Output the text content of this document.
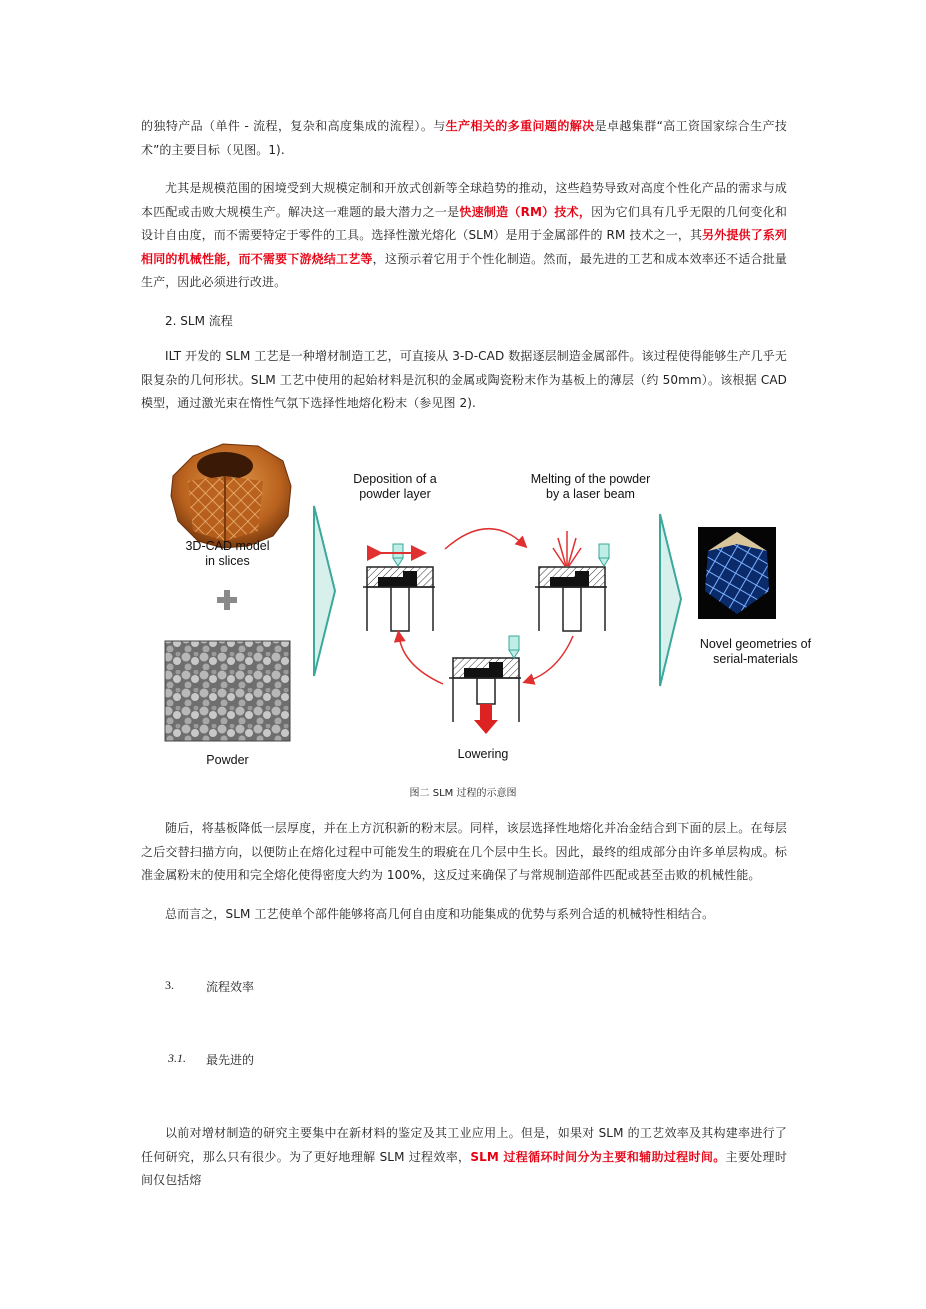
的独特产品（单件 - 流程，复杂和高度集成的流程）。与生产相关的多重问题的解决是卓越集群“高工资国家综合生产技术”的主要目标（见图。1).
尤其是规模范围的困境受到大规模定制和开放式创新等全球趋势的推动，这些趋势导致对高度个性化产品的需求与成本匹配或击败大规模生产。解决这一难题的最大潜力之一是快速制造（RM）技术，因为它们具有几乎无限的几何变化和设计自由度，而不需要特定于零件的工具。选择性激光熔化（SLM）是用于金属部件的 RM 技术之一，其另外提供了系列相同的机械性能，而不需要下游烧结工艺等，这预示着它用于个性化制造。然而，最先进的工艺和成本效率还不适合批量生产，因此必须进行改进。
2. SLM 流程
ILT 开发的 SLM 工艺是一种增材制造工艺，可直接从 3-D-CAD 数据逐层制造金属部件。该过程使得能够生产几乎无限复杂的几何形状。SLM 工艺中使用的起始材料是沉积的金属或陶瓷粉末作为基板上的薄层（约 50mm）。该根据 CAD 模型，通过激光束在惰性气氛下选择性地熔化粉末（参见图 2).
3D-CAD model
in slices
Powder
Deposition of a
powder layer
Melting of the powder
by a laser beam
Lowering
Novel geometries of
serial-materials
图二 SLM 过程的示意图
随后，将基板降低一层厚度，并在上方沉积新的粉末层。同样，该层选择性地熔化并冶金结合到下面的层上。在每层之后交替扫描方向，以便防止在熔化过程中可能发生的瑕疵在几个层中生长。因此，最终的组成部分由许多单层构成。标准金属粉末的使用和完全熔化使得密度大约为 100%，这反过来确保了与常规制造部件匹配或甚至击败的机械性能。
总而言之，SLM 工艺使单个部件能够将高几何自由度和功能集成的优势与系列合适的机械特性相结合。
3.	流程效率
3.1. 最先进的
以前对增材制造的研究主要集中在新材料的鉴定及其工业应用上。但是，如果对 SLM 的工艺效率及其构建率进行了任何研究，那么只有很少。为了更好地理解 SLM 过程效率，SLM 过程循环时间分为主要和辅助过程时间。主要处理时间仅包括熔
